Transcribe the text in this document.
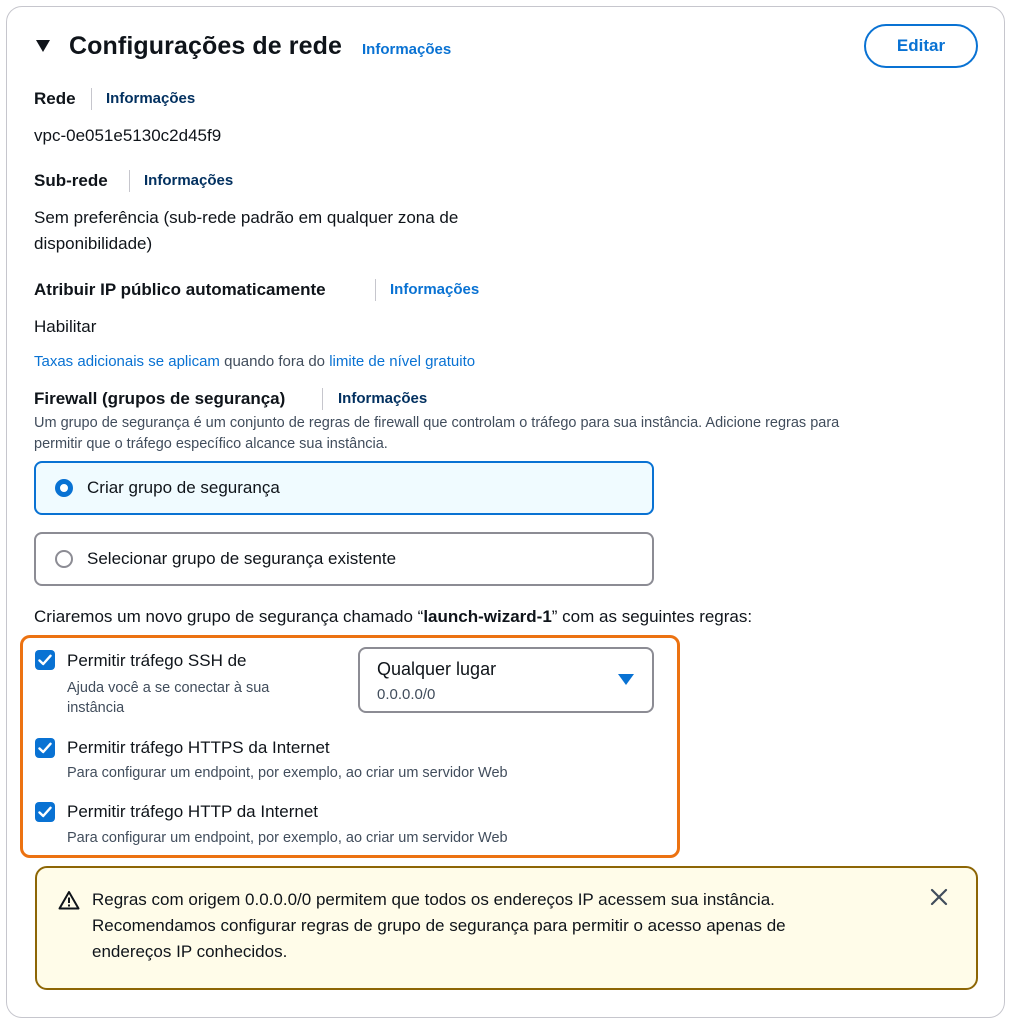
Configurações de rede Informações	Editar
Rede Informações
vpc-0e051e5130c2d45f9
Sub-rede Informações
Sem preferência (sub-rede padrão em qualquer zona de
disponibilidade)
Atribuir IP público automaticamente	Informações
Habilitar
Taxas adicionais se aplicam quando fora do limite de nível gratuito
Firewall (grupos de segurança)	Informações
Um grupo de segurança é um conjunto de regras de firewall que controlam o tráfego para sua instância. Adicione regras para
permitir que o tráfego específico alcance sua instância.
Criar grupo de segurança
Selecionar grupo de segurança existente
Criaremos um novo grupo de segurança chamado “launch-wizard-1” com as seguintes regras:
Permitir tráfego SSH de
Ajuda você a se conectar à sua
instância
Qualquer lugar
0.0.0.0/0
Permitir tráfego HTTPS da Internet
Para configurar um endpoint, por exemplo, ao criar um servidor Web
Permitir tráfego HTTP da Internet
Para configurar um endpoint, por exemplo, ao criar um servidor Web
Regras com origem 0.0.0.0/0 permitem que todos os endereços IP acessem sua instância.
Recomendamos configurar regras de grupo de segurança para permitir o acesso apenas de
endereços IP conhecidos.
